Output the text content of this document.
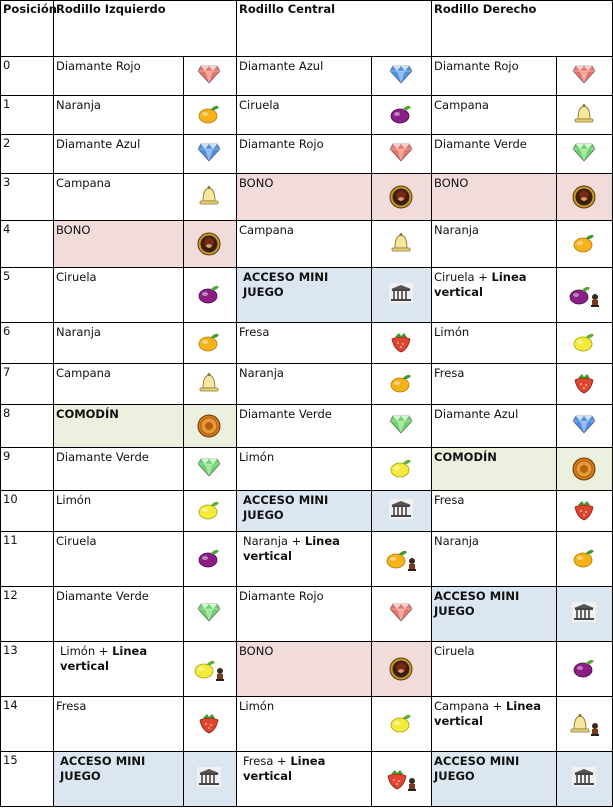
Posición	Rodillo Izquierdo		Rodillo Central		Rodillo Derecho	
0	Diamante Rojo		Diamante Azul		Diamante Rojo	

1	Naranja		Ciruela		Campana	

2	Diamante Azul		Diamante Rojo		Diamante Verde	

3	Campana		BONO		BONO	

4	BONO		Campana		Naranja	

5	Ciruela		ACCESO MINI JUEGO		Ciruela + Linea vertical	

6	Naranja		Fresa		Limón	

7	Campana		Naranja		Fresa	

8	COMODÍN		Diamante Verde		Diamante Azul	

9	Diamante Verde		Limón		COMODÍN	

10	Limón		ACCESO MINI JUEGO		Fresa	

11	Ciruela		Naranja + Linea vertical		Naranja	

12	Diamante Verde		Diamante Rojo		ACCESO MINI JUEGO	

13	Limón + Linea vertical		BONO		Ciruela	

14	Fresa		Limón		Campana + Linea vertical	

15	ACCESO MINI JUEGO		Fresa + Linea vertical		ACCESO MINI JUEGO	
